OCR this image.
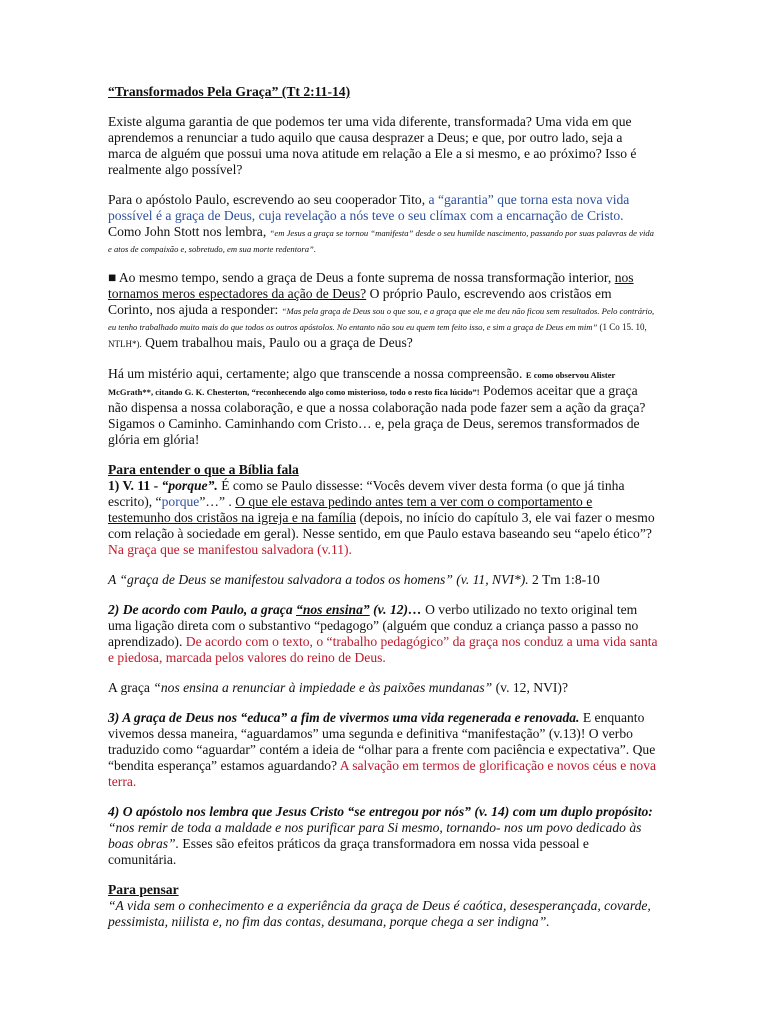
“Transformados Pela Graça” (Tt 2:11-14)

Existe alguma garantia de que podemos ter uma vida diferente, transformada? Uma vida em que aprendemos a renunciar a tudo aquilo que causa desprazer a Deus; e que, por outro lado, seja a marca de alguém que possui uma nova atitude em relação a Ele a si mesmo, e ao próximo? Isso é realmente algo possível?

Para o apóstolo Paulo, escrevendo ao seu cooperador Tito, a “garantia” que torna esta nova vida possível é a graça de Deus, cuja revelação a nós teve o seu clímax com a encarnação de Cristo. Como John Stott nos lembra, “em Jesus a graça se tornou “manifesta” desde o seu humilde nascimento, passando por suas palavras de vida e atos de compaixão e, sobretudo, em sua morte redentora”.

■ Ao mesmo tempo, sendo a graça de Deus a fonte suprema de nossa transformação interior, nos tornamos meros espectadores da ação de Deus? O próprio Paulo, escrevendo aos cristãos em Corinto, nos ajuda a responder: “Mas pela graça de Deus sou o que sou, e a graça que ele me deu não ficou sem resultados. Pelo contrário, eu tenho trabalhado muito mais do que todos os outros apóstolos. No entanto não sou eu quem tem feito isso, e sim a graça de Deus em mim” (1 Co 15. 10, NTLH*). Quem trabalhou mais, Paulo ou a graça de Deus?

Há um mistério aqui, certamente; algo que transcende a nossa compreensão. E como observou Alister McGrath**, citando G. K. Chesterton, “reconhecendo algo como misterioso, todo o resto fica lúcido”! Podemos aceitar que a graça não dispensa a nossa colaboração, e que a nossa colaboração nada pode fazer sem a ação da graça?
Sigamos o Caminho. Caminhando com Cristo… e, pela graça de Deus, seremos transformados de glória em glória!

Para entender o que a Bíblia fala

1) V. 11 - “porque”. É como se Paulo dissesse: “Vocês devem viver desta forma (o que já tinha escrito), “porque”…” . O que ele estava pedindo antes tem a ver com o comportamento e testemunho dos cristãos na igreja e na família (depois, no início do capítulo 3, ele vai fazer o mesmo com relação à sociedade em geral). Nesse sentido, em que Paulo estava baseando seu “apelo ético”? Na graça que se manifestou salvadora (v.11).

A “graça de Deus se manifestou salvadora a todos os homens” (v. 11, NVI*). 2 Tm 1:8-10

2) De acordo com Paulo, a graça “nos ensina” (v. 12)… O verbo utilizado no texto original tem uma ligação direta com o substantivo “pedagogo” (alguém que conduz a criança passo a passo no aprendizado). De acordo com o texto, o “trabalho pedagógico” da graça nos conduz a uma vida santa e piedosa, marcada pelos valores do reino de Deus.

A graça “nos ensina a renunciar à impiedade e às paixões mundanas” (v. 12, NVI)?

3) A graça de Deus nos “educa” a fim de vivermos uma vida regenerada e renovada. E enquanto vivemos dessa maneira, “aguardamos” uma segunda e definitiva “manifestação” (v.13)! O verbo traduzido como “aguardar” contém a ideia de “olhar para a frente com paciência e expectativa”. Que “bendita esperança” estamos aguardando? A salvação em termos de glorificação e novos céus e nova terra.

4) O apóstolo nos lembra que Jesus Cristo “se entregou por nós” (v. 14) com um duplo propósito: “nos remir de toda a maldade e nos purificar para Si mesmo, tornando- nos um povo dedicado às boas obras”. Esses são efeitos práticos da graça transformadora em nossa vida pessoal e comunitária.

Para pensar

“A vida sem o conhecimento e a experiência da graça de Deus é caótica, desesperançada, covarde, pessimista, niilista e, no fim das contas, desumana, porque chega a ser indigna”.
